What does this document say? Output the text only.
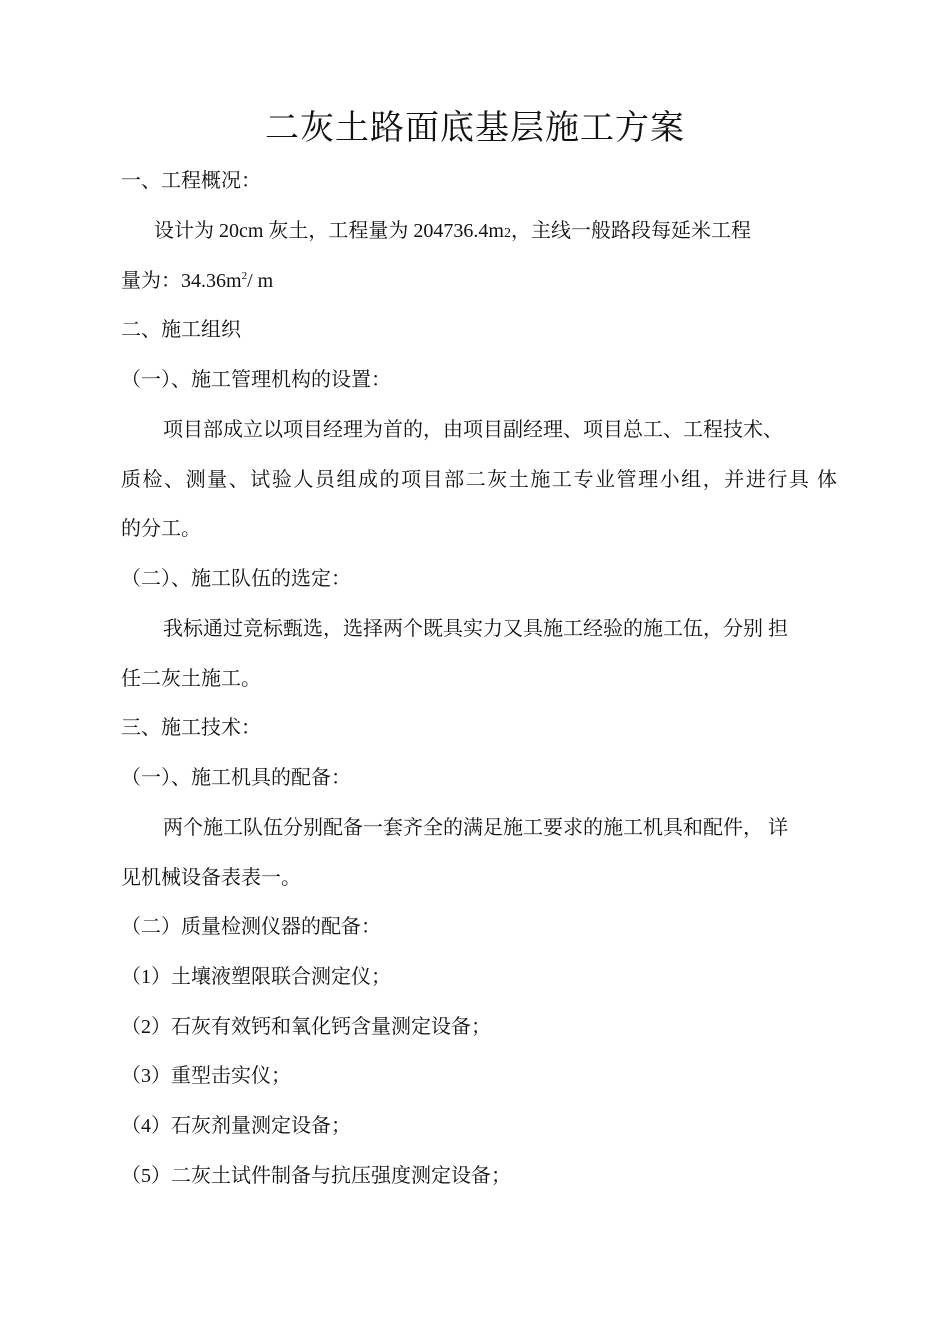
二灰土路面底基层施工方案
一、工程概况：
设计为 20cm 灰土，工程量为 204736.4m2，主线一般路段每延米工程
量为：$34.36m^2/$ m
二、施工组织
（一）、施工管理机构的设置：
项目部成立以项目经理为首的，由项目副经理、项目总工、工程技术、
质检、测量、试验人员组成的项目部二灰土施工专业管理小组，并进行具 体
的分工。
（二）、施工队伍的选定：
我标通过竞标甄选，选择两个既具实力又具施工经验的施工伍，分别 担
任二灰土施工。
三、施工技术：
（一）、施工机具的配备：
两个施工队伍分别配备一套齐全的满足施工要求的施工机具和配件， 详
见机械设备表表一。
（二）质量检测仪器的配备：
（1）土壤液塑限联合测定仪；
（2）石灰有效钙和氧化钙含量测定设备；
（3）重型击实仪；
（4）石灰剂量测定设备；
（5）二灰土试件制备与抗压强度测定设备；
